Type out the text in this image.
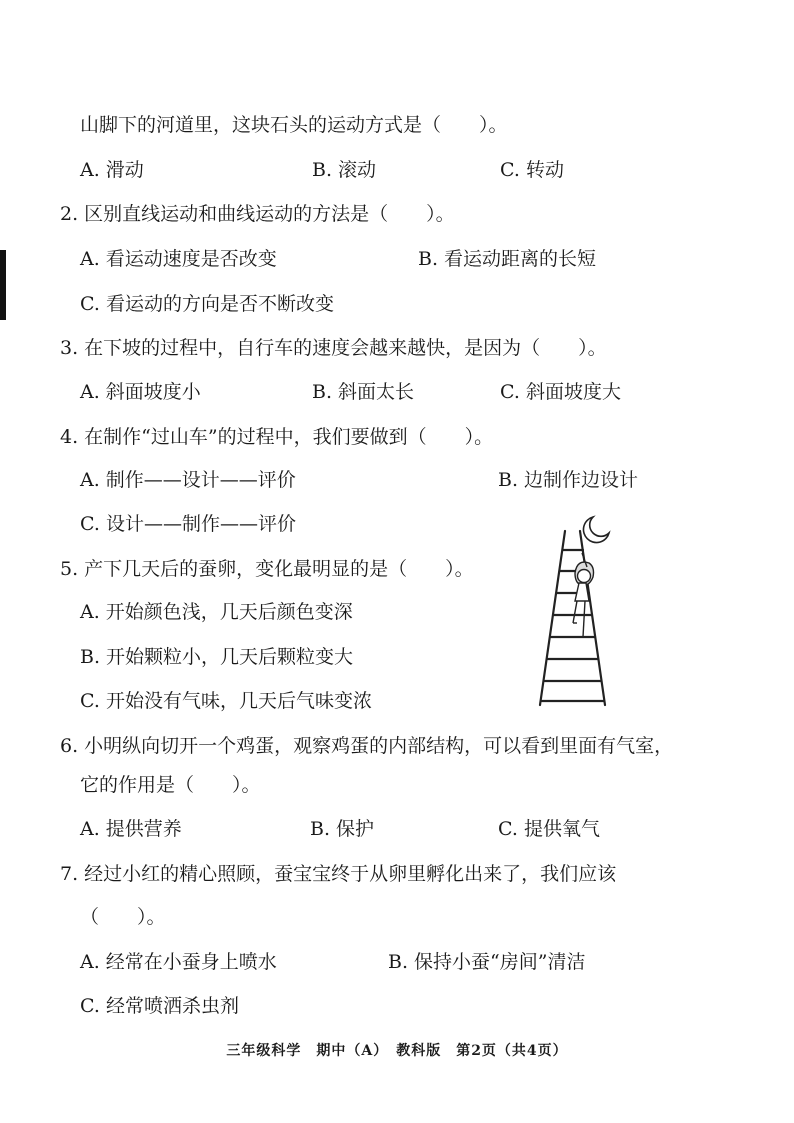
山脚下的河道里，这块石头的运动方式是（　　）。
A. 滑动	B. 滚动	C. 转动
2. 区别直线运动和曲线运动的方法是（　　）。
A. 看运动速度是否改变	B. 看运动距离的长短
C. 看运动的方向是否不断改变
3. 在下坡的过程中，自行车的速度会越来越快，是因为（　　）。
A. 斜面坡度小	B. 斜面太长	C. 斜面坡度大
4. 在制作“过山车”的过程中，我们要做到（　　）。
A. 制作——设计——评价	B. 边制作边设计
C. 设计——制作——评价
5. 产下几天后的蚕卵，变化最明显的是（　　）。
A. 开始颜色浅，几天后颜色变深
B. 开始颗粒小，几天后颗粒变大
C. 开始没有气味，几天后气味变浓
6. 小明纵向切开一个鸡蛋，观察鸡蛋的内部结构，可以看到里面有气室，
它的作用是（　　）。
A. 提供营养	B. 保护	C. 提供氧气
7. 经过小红的精心照顾，蚕宝宝终于从卵里孵化出来了，我们应该
（　　）。
A. 经常在小蚕身上喷水	B. 保持小蚕“房间”清洁
C. 经常喷洒杀虫剂
三年级科学　期中（A）　教科版　第2页（共4页）
